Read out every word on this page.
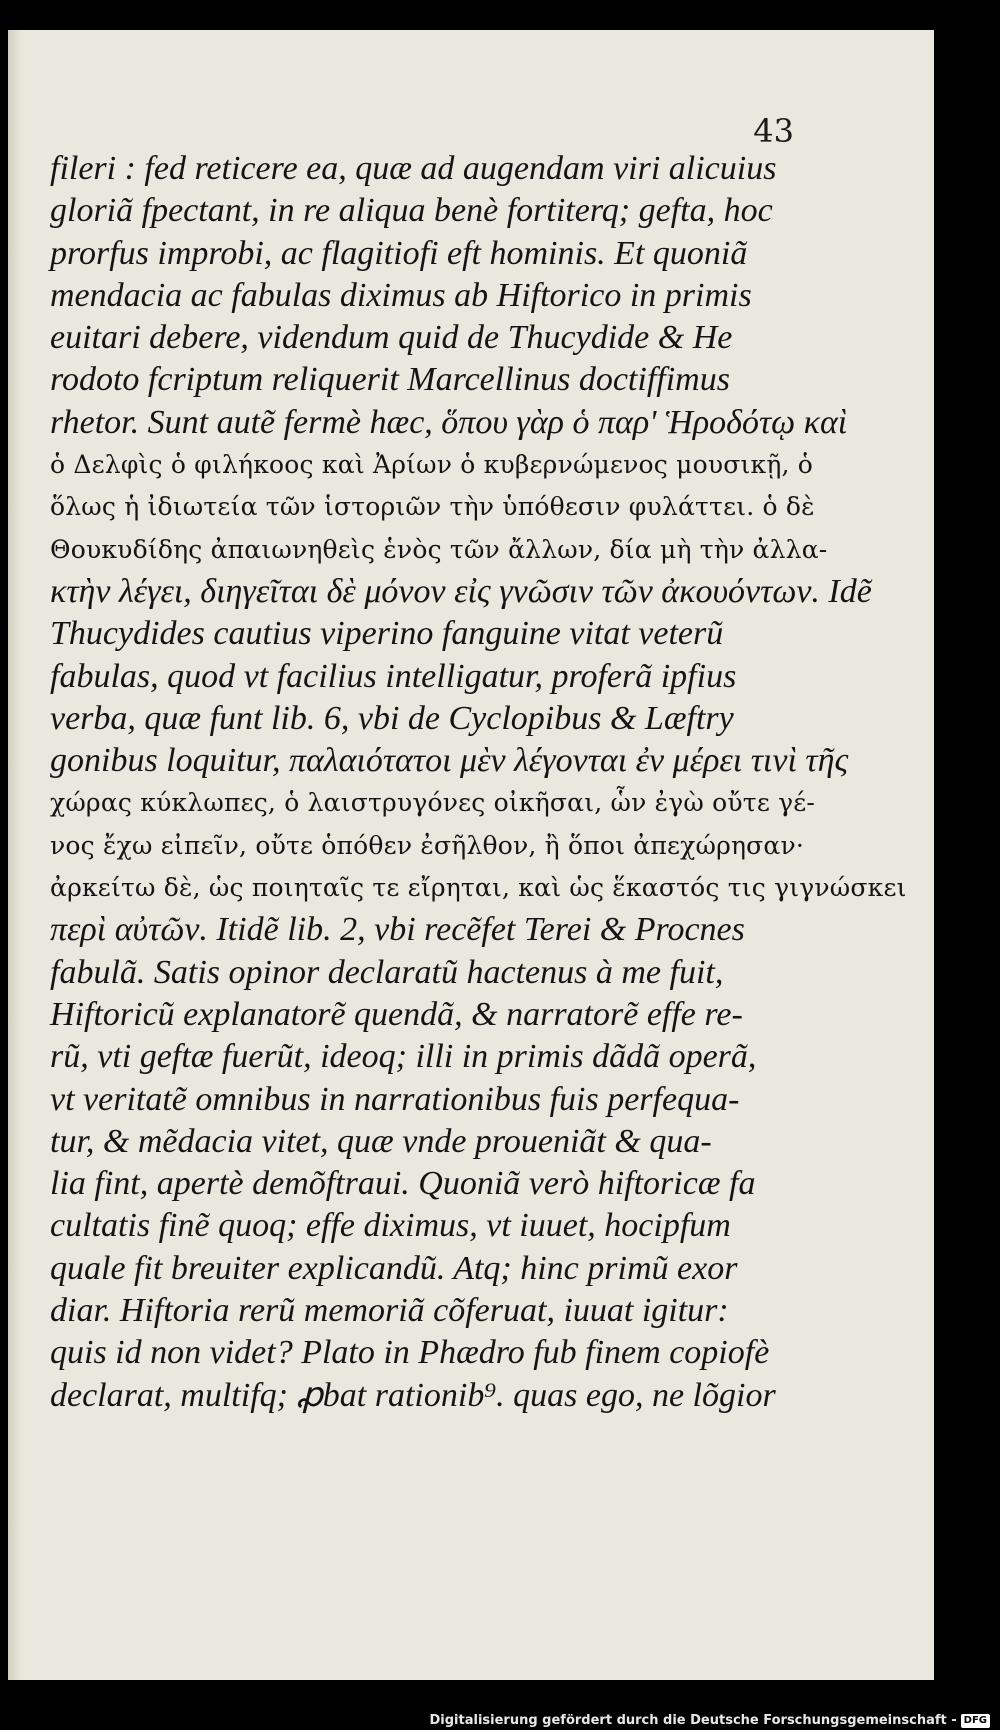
43
fileri : fed reticere ea, quæ ad augendam viri alicuius
gloriã fpectant, in re aliqua benè fortiterq; gefta, hoc
prorfus improbi, ac flagitiofi eft hominis. Et quoniã
mendacia ac fabulas diximus ab Hiftorico in primis
euitari debere, videndum quid de Thucydide & He
rodoto fcriptum reliquerit Marcellinus doctiffimus
rhetor. Sunt autẽ fermè hæc, ὅπου γὰρ ὁ παρ' Ἡροδότῳ καὶ
ὁ Δελφὶς ὁ φιλήκοος καὶ Ἀρίων ὁ κυβερνώμενος μουσικῇ, ὁ
ὅλως ἡ ἰδιωτεία τῶν ἱστοριῶν τὴν ὑπόθεσιν φυλάττει. ὁ δὲ
Θουκυδίδης ἀπαιωνηθεὶς ἑνὸς τῶν ἄλλων, δία μὴ τὴν ἀλλα-
κτὴν λέγει, διηγεῖται δὲ μόνον εἰς γνῶσιν τῶν ἀκουόντων. Idẽ
Thucydides cautius viperino fanguine vitat veterũ
fabulas, quod vt facilius intelligatur, proferã ipfius
verba, quæ funt lib. 6, vbi de Cyclopibus & Læftry
gonibus loquitur, παλαιότατοι μὲν λέγονται ἐν μέρει τινὶ τῆς
χώρας κύκλωπες, ὁ λαιστρυγόνες οἰκῆσαι, ὧν ἐγὼ οὔτε γέ-
νος ἔχω εἰπεῖν, οὔτε ὁπόθεν ἐσῆλθον, ἢ ὅποι ἀπεχώρησαν·
ἀρκείτω δὲ, ὡς ποιηταῖς τε εἴρηται, καὶ ὡς ἕκαστός τις γιγνώσκει
περὶ αὐτῶν. Itidẽ lib. 2, vbi recẽfet Terei & Procnes
fabulã. Satis opinor declaratũ hactenus à me fuit,
Hiftoricũ explanatorẽ quendã, & narratorẽ effe re-
rũ, vti geftæ fuerũt, ideoq; illi in primis dãdã operã,
vt veritatẽ omnibus in narrationibus fuis perfequa-
tur, & mẽdacia vitet, quæ vnde proueniãt & qua-
lia fint, apertè demõftraui. Quoniã verò hiftoricæ fa
cultatis finẽ quoq; effe diximus, vt iuuet, hocipfum
quale fit breuiter explicandũ. Atq; hinc primũ exor
diar. Hiftoria rerũ memoriã cõferuat, iuuat igitur:
quis id non videt? Plato in Phædro fub finem copiofè
declarat, multifq; ꝓbat rationib⁹. quas ego, ne lõgior
Digitalisierung gefördert durch die Deutsche Forschungsgemeinschaft - DFG
